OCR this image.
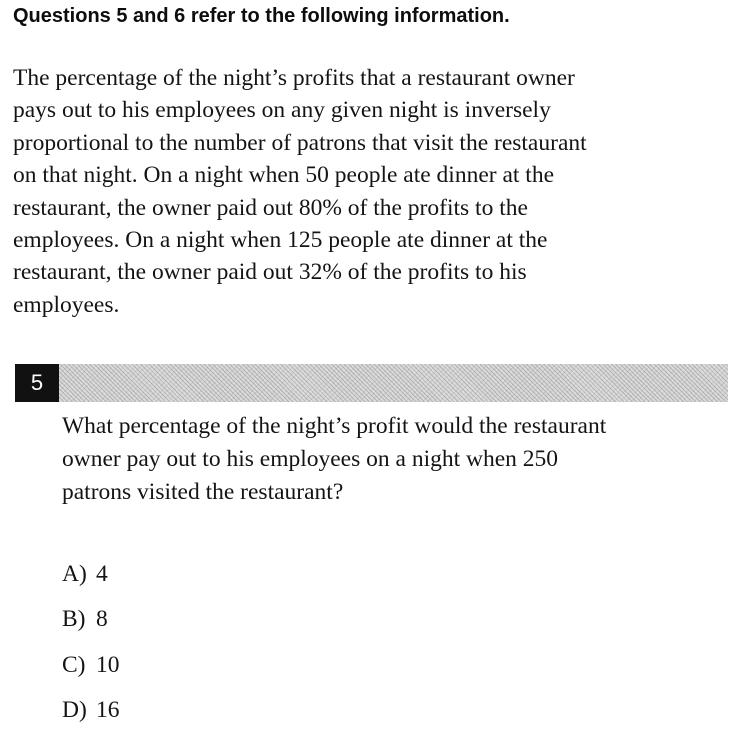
Questions 5 and 6 refer to the following information.
The percentage of the night’s profits that a restaurant owner
pays out to his employees on any given night is inversely
proportional to the number of patrons that visit the restaurant
on that night. On a night when 50 people ate dinner at the
restaurant, the owner paid out 80% of the profits to the
employees. On a night when 125 people ate dinner at the
restaurant, the owner paid out 32% of the profits to his
employees.
5
What percentage of the night’s profit would the restaurant
owner pay out to his employees on a night when 250
patrons visited the restaurant?
A) 4
B) 8
C) 10
D) 16
